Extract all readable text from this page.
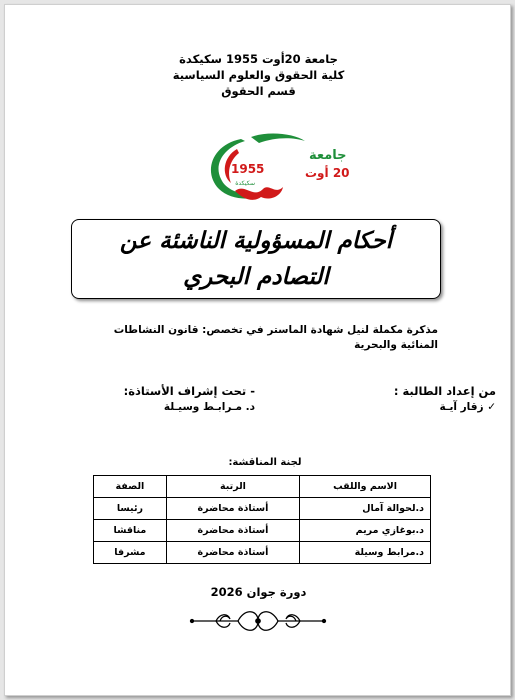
جامعة 20أوت 1955 سكيكدة
كلية الحقوق والعلوم السياسية
قسم الحقوق
1955
جامعة
20 أوت
سكيكدة
أحكام المسؤولية الناشئة عن التصادم البحري
مذكرة مكملة لنيل شهادة الماستر في تخصص: قانون النشاطات المنائية والبحرية
من إعداد الطالبة :
✓ زقار آيـة
- تحت إشراف الأستاذة:
د. مـرابـط وسيـلة
لجنة المناقشة:
الاسم واللقب	الرتبة	الصفة
د.لحوالة آمال	أستاذة محاضرة	رئيسا
د.بوغازي مريم	أستاذة محاضرة	مناقشا
د.مرابط وسيلة	أستاذة محاضرة	مشرفا
دورة جوان 2026
